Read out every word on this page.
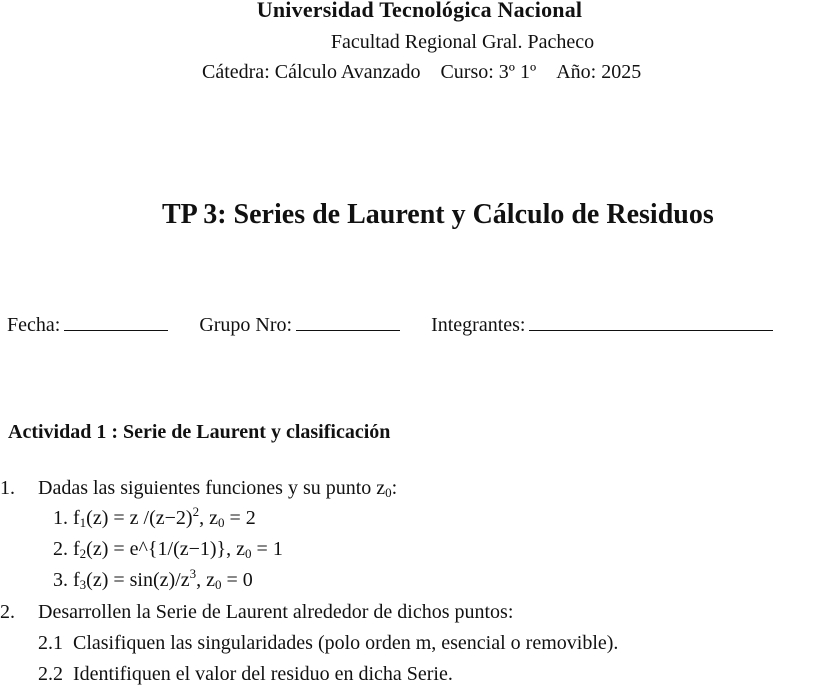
Universidad Tecnológica Nacional
Facultad Regional Gral. Pacheco
Cátedra: Cálculo Avanzado Curso: 3º 1º Año: 2025
TP 3: Series de Laurent y Cálculo de Residuos
Fecha:	Grupo Nro:	Integrantes:
Actividad 1 : Serie de Laurent y clasificación
1. Dadas las siguientes funciones y su punto $z_0$:
1. $f_1(z) = z$ $/(z-2)^2$, $z_0 = 2$
2. $f_2(z)$ = e^{1/(z−1)}, $z_0 = 1$
3. $f_3(z) = \sin(z)/z^3$, $z_0 = 0$
2. Desarrollen la Serie de Laurent alrededor de dichos puntos:
2.1 Clasifiquen las singularidades (polo orden m, esencial o removible).
2.2 Identifiquen el valor del residuo en dicha Serie.
